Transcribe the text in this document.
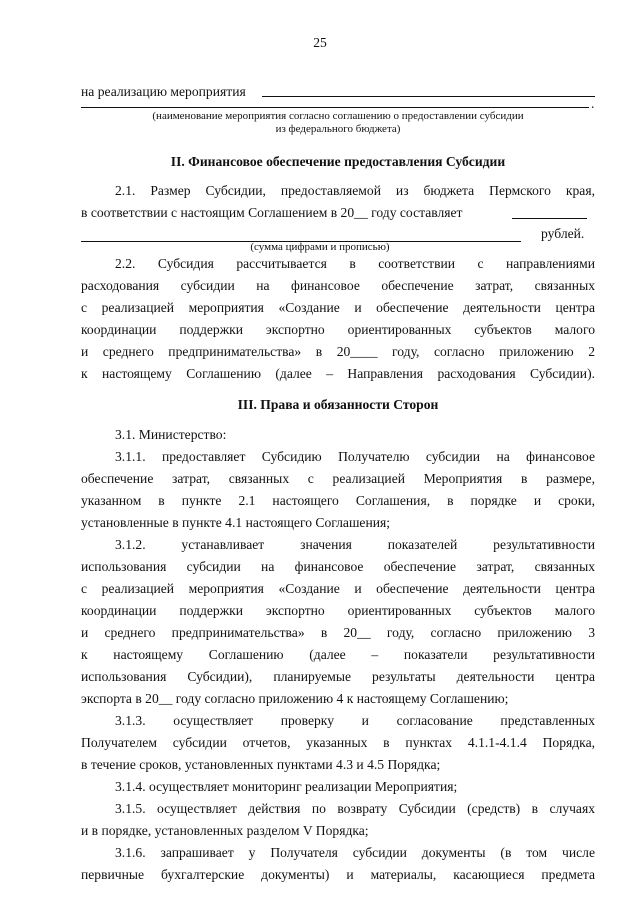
25
на реализацию мероприятия
.
(наименование мероприятия согласно соглашению о предоставлении субсидии
из федерального бюджета)
II. Финансовое обеспечение предоставления Субсидии
2.1. Размер Субсидии, предоставляемой из бюджета Пермского края,
в соответствии с настоящим Соглашением в 20__ году составляет
рублей.
(сумма цифрами и прописью)
2.2. Субсидия рассчитывается в соответствии с направлениями
расходования субсидии на финансовое обеспечение затрат, связанных
с реализацией мероприятия «Создание и обеспечение деятельности центра
координации поддержки экспортно ориентированных субъектов малого
и среднего предпринимательства» в 20____ году, согласно приложению 2
к настоящему Соглашению (далее – Направления расходования Субсидии).
III. Права и обязанности Сторон
3.1. Министерство:
3.1.1. предоставляет Субсидию Получателю субсидии на финансовое
обеспечение затрат, связанных с реализацией Мероприятия в размере,
указанном в пункте 2.1 настоящего Соглашения, в порядке и сроки,
установленные в пункте 4.1 настоящего Соглашения;
3.1.2. устанавливает значения показателей результативности
использования субсидии на финансовое обеспечение затрат, связанных
с реализацией мероприятия «Создание и обеспечение деятельности центра
координации поддержки экспортно ориентированных субъектов малого
и среднего предпринимательства» в 20__ году, согласно приложению 3
к настоящему Соглашению (далее – показатели результативности
использования Субсидии), планируемые результаты деятельности центра
экспорта в 20__ году согласно приложению 4 к настоящему Соглашению;
3.1.3. осуществляет проверку и согласование представленных
Получателем субсидии отчетов, указанных в пунктах 4.1.1-4.1.4 Порядка,
в течение сроков, установленных пунктами 4.3 и 4.5 Порядка;
3.1.4. осуществляет мониторинг реализации Мероприятия;
3.1.5. осуществляет действия по возврату Субсидии (средств) в случаях
и в порядке, установленных разделом V Порядка;
3.1.6. запрашивает у Получателя субсидии документы (в том числе
первичные бухгалтерские документы) и материалы, касающиеся предмета
